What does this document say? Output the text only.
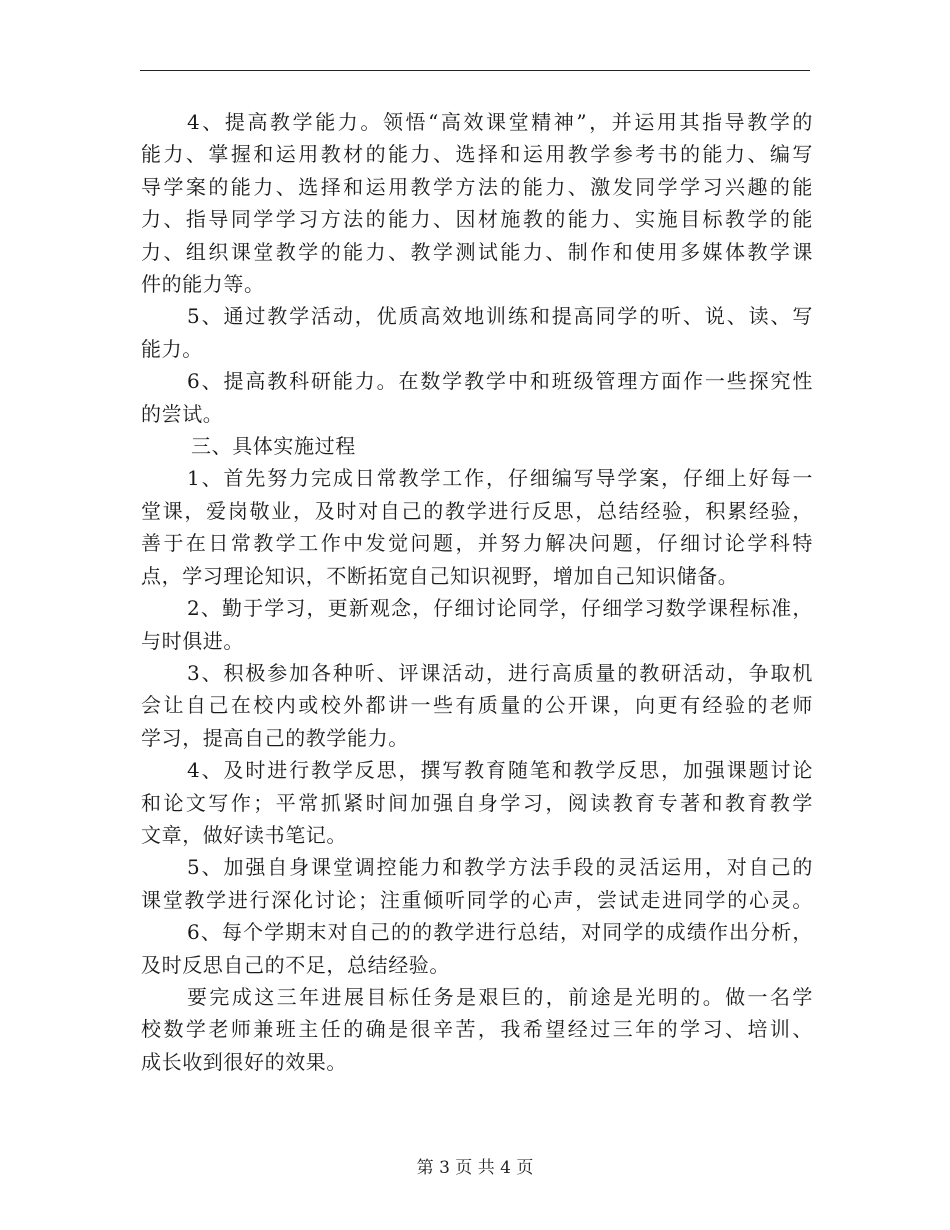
4、提高教学能力。领悟“高效课堂精神”，并运用其指导教学的
能力、掌握和运用教材的能力、选择和运用教学参考书的能力、编写
导学案的能力、选择和运用教学方法的能力、激发同学学习兴趣的能
力、指导同学学习方法的能力、因材施教的能力、实施目标教学的能
力、组织课堂教学的能力、教学测试能力、制作和使用多媒体教学课
件的能力等。
5、通过教学活动，优质高效地训练和提高同学的听、说、读、写
能力。
6、提高教科研能力。在数学教学中和班级管理方面作一些探究性
的尝试。
三、具体实施过程
1、首先努力完成日常教学工作，仔细编写导学案，仔细上好每一
堂课，爱岗敬业，及时对自己的教学进行反思，总结经验，积累经验，
善于在日常教学工作中发觉问题，并努力解决问题，仔细讨论学科特
点，学习理论知识，不断拓宽自己知识视野，增加自己知识储备。
2、勤于学习，更新观念，仔细讨论同学，仔细学习数学课程标准，
与时俱进。
3、积极参加各种听、评课活动，进行高质量的教研活动，争取机
会让自己在校内或校外都讲一些有质量的公开课，向更有经验的老师
学习，提高自己的教学能力。
4、及时进行教学反思，撰写教育随笔和教学反思，加强课题讨论
和论文写作；平常抓紧时间加强自身学习，阅读教育专著和教育教学
文章，做好读书笔记。
5、加强自身课堂调控能力和教学方法手段的灵活运用，对自己的
课堂教学进行深化讨论；注重倾听同学的心声，尝试走进同学的心灵。
6、每个学期末对自己的的教学进行总结，对同学的成绩作出分析，
及时反思自己的不足，总结经验。
要完成这三年进展目标任务是艰巨的，前途是光明的。做一名学
校数学老师兼班主任的确是很辛苦，我希望经过三年的学习、培训、
成长收到很好的效果。
第 3 页 共 4 页
